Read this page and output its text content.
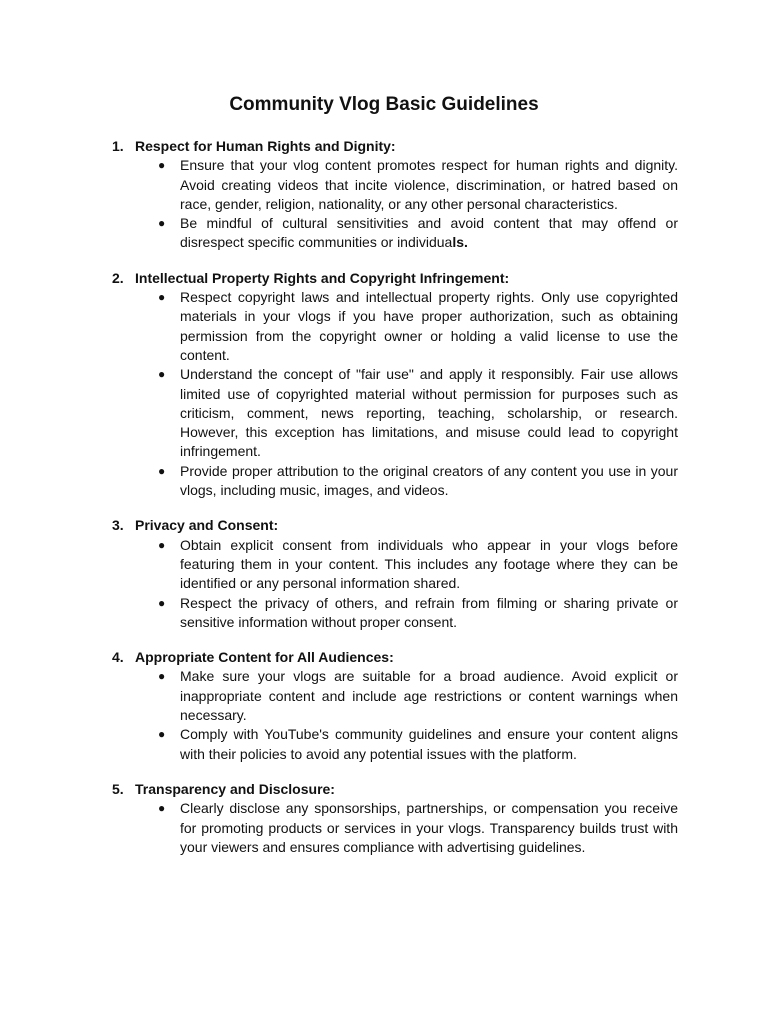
Community Vlog Basic Guidelines

1. Respect for Human Rights and Dignity:

● Ensure that your vlog content promotes respect for human rights and dignity. Avoid creating videos that incite violence, discrimination, or hatred based on race, gender, religion, nationality, or any other personal characteristics.
● Be mindful of cultural sensitivities and avoid content that may offend or disrespect specific communities or individuals.

2. Intellectual Property Rights and Copyright Infringement:

● Respect copyright laws and intellectual property rights. Only use copyrighted materials in your vlogs if you have proper authorization, such as obtaining permission from the copyright owner or holding a valid license to use the content.
● Understand the concept of "fair use" and apply it responsibly. Fair use allows limited use of copyrighted material without permission for purposes such as criticism, comment, news reporting, teaching, scholarship, or research. However, this exception has limitations, and misuse could lead to copyright infringement.
● Provide proper attribution to the original creators of any content you use in your vlogs, including music, images, and videos.

3. Privacy and Consent:

● Obtain explicit consent from individuals who appear in your vlogs before featuring them in your content. This includes any footage where they can be identified or any personal information shared.
● Respect the privacy of others, and refrain from filming or sharing private or sensitive information without proper consent.

4. Appropriate Content for All Audiences:

● Make sure your vlogs are suitable for a broad audience. Avoid explicit or inappropriate content and include age restrictions or content warnings when necessary.
● Comply with YouTube's community guidelines and ensure your content aligns with their policies to avoid any potential issues with the platform.

5. Transparency and Disclosure:

● Clearly disclose any sponsorships, partnerships, or compensation you receive for promoting products or services in your vlogs. Transparency builds trust with your viewers and ensures compliance with advertising guidelines.
